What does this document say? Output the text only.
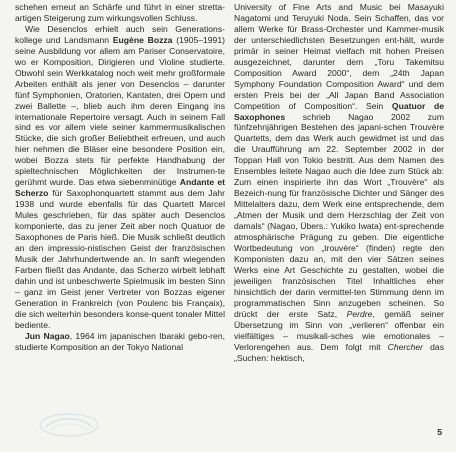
schehen erneut an Schärfe und führt in einer stretta-artigen Steigerung zum wirkungsvollen Schluss.

Wie Desenclos erhielt auch sein Generations-kollege und Landsmann Eugène Bozza (1905–1991) seine Ausbildung vor allem am Pariser Conservatoire, wo er Komposition, Dirigieren und Violine studierte. Obwohl sein Werkkatalog noch weit mehr großformale Arbeiten enthält als jener von Desenclos – darunter fünf Symphonien, Oratorien, Kantaten, drei Opern und zwei Ballette –, blieb auch ihm deren Eingang ins internationale Repertoire versagt. Auch in seinem Fall sind es vor allem viele seiner kammermusikalischen Stücke, die sich großer Beliebtheit erfreuen, und auch hier nehmen die Bläser eine besondere Position ein, wobei Bozza stets für perfekte Handhabung der spieltechnischen Möglichkeiten der Instrumen-te gerühmt wurde. Das etwa siebenminütige Andante et Scherzo für Saxophonquartett stammt aus dem Jahr 1938 und wurde ebenfalls für das Quartett Marcel Mules geschrieben, für das später auch Desenclos komponierte, das zu jener Zeit aber noch Quatuor de Saxophones de Paris hieß. Die Musik schließt deutlich an den impressio-nistischen Geist der französischen Musik der Jahrhundertwende an. In sanft wiegenden Farben fließt das Andante, das Scherzo wirbelt lebhaft dahin und ist unbeschwerte Spielmusik im besten Sinn – ganz im Geist jener Vertreter von Bozzas eigener Generation in Frankreich (von Poulenc bis Françaix), die sich weiterhin besonders konse-quent tonaler Mittel bediente.

Jun Nagao, 1964 im japanischen Ibaraki gebo-ren, studierte Komposition an der Tokyo National

University of Fine Arts and Music bei Masayuki Nagatomi und Teruyuki Noda. Sein Schaffen, das vor allem Werke für Brass-Orchester und Kammer-musik der unterschiedlichsten Besetzungen ent-hält, wurde primär in seiner Heimat vielfach mit hohen Preisen ausgezeichnet, darunter dem „Toru Takemitsu Composition Award 2000“, dem „24th Japan Symphony Foundation Composition Award“ und dem ersten Preis bei der „All Japan Band Association Competition of Composition“. Sein Quatuor de Saxophones schrieb Nagao 2002 zum fünfzehnjährigen Bestehen des japani-schen Trouvère Quartetts, dem das Werk auch gewidmet ist und das die Uraufführung am 22. September 2002 in der Toppan Hall von Tokio bestritt. Aus dem Namen des Ensembles leitete Nagao auch die Idee zum Stück ab: Zum einen inspirierte ihn das Wort „Trouvère“ als Bezeich-nung für französische Dichter und Sänger des Mittelalters dazu, dem Werk eine entsprechende, dem „Atmen der Musik und dem Herzschlag der Zeit von damals“ (Nagao, Übers.: Yukiko Iwata) ent-sprechende atmosphärische Prägung zu geben. Die eigentliche Wortbedeutung von „trouvère“ (finden) regte den Komponisten dazu an, mit den vier Sätzen seines Werks eine Art Geschichte zu gestalten, wobei die jeweiligen französischen Titel Inhaltliches eher hinsichtlich der darin vermittel-ten Stimmung denn im programmatischen Sinn anzugeben scheinen. So drückt der erste Satz, Perdre, gemäß seiner Übersetzung im Sinn von „verlieren“ offenbar ein vielfältiges – musikali-sches wie emotionales – Verlorengehen aus. Dem folgt mit Chercher das „Suchen: hektisch,

5
